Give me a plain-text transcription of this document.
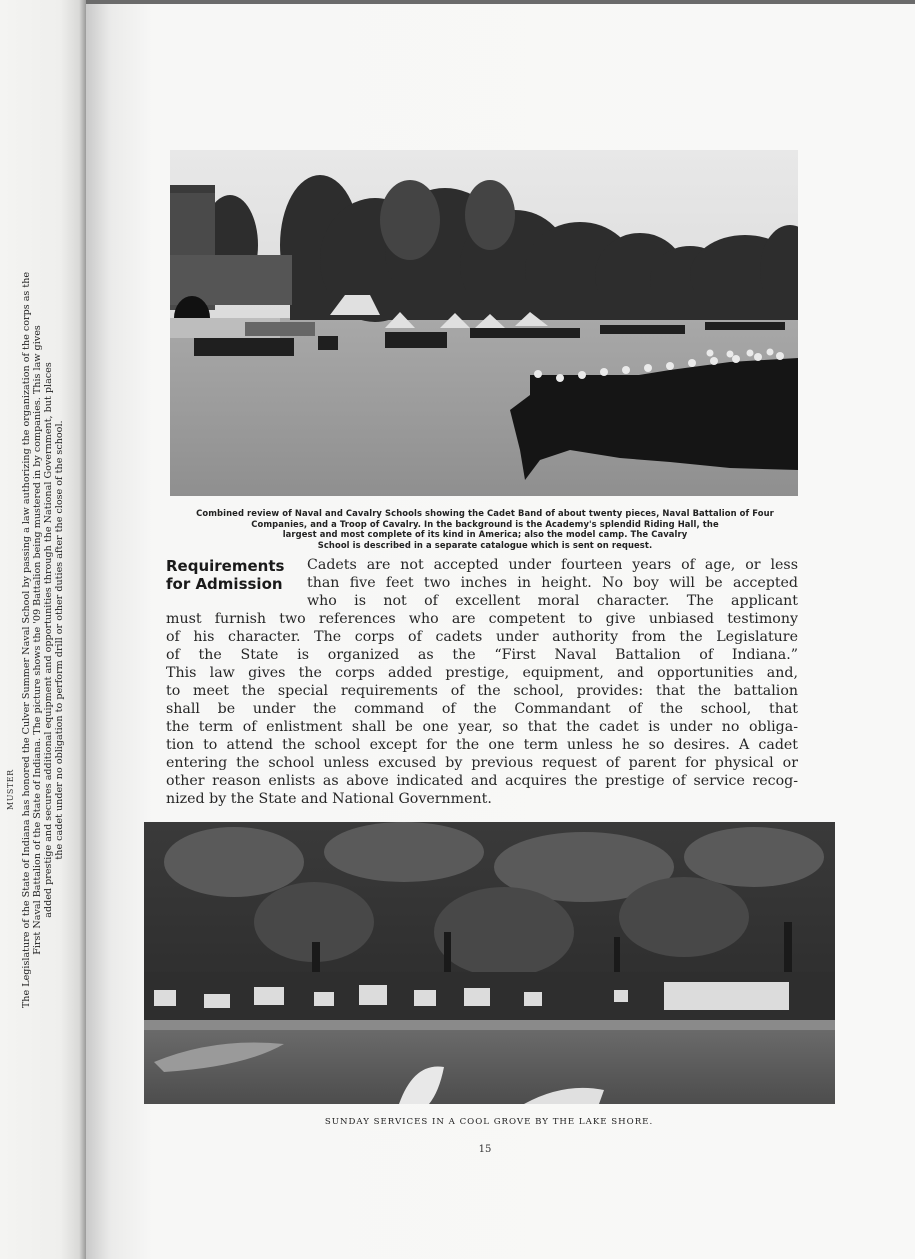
MUSTER The Legislature of the State of Indiana has honored the Culver Summer Naval School by passing a law authorizing the organization of the corps as the First Naval Battalion of the State of Indiana. The picture shows the '09 Battalion being mustered in by companies. This law gives added prestige and secures additional equipment and opportunities through the National Government, but places the cadet under no obligation to perform drill or other duties after the close of the school.	Combined review of Naval and Cavalry Schools showing the Cadet Band of about twenty pieces, Naval Battalion of Four
Companies, and a Troop of Cavalry. In the background is the Academy's splendid Riding Hall, the
largest and most complete of its kind in America; also the model camp. The Cavalry
School is described in a separate catalogue which is sent on request.
Requirements
for Admission
Cadets are not accepted under fourteen years of age, or less
than five feet two inches in height. No boy will be accepted
who is not of excellent moral character. The applicant
must furnish two references who are competent to give unbiased testimony
of his character. The corps of cadets under authority from the Legislature
of the State is organized as the “First Naval Battalion of Indiana.”
This law gives the corps added prestige, equipment, and opportunities and,
to meet the special requirements of the school, provides: that the battalion
shall be under the command of the Commandant of the school, that
the term of enlistment shall be one year, so that the cadet is under no obliga-
tion to attend the school except for the one term unless he so desires. A cadet
entering the school unless excused by previous request of parent for physical or
other reason enlists as above indicated and acquires the prestige of service recog-
nized by the State and National Government.
SUNDAY SERVICES IN A COOL GROVE BY THE LAKE SHORE.
15
